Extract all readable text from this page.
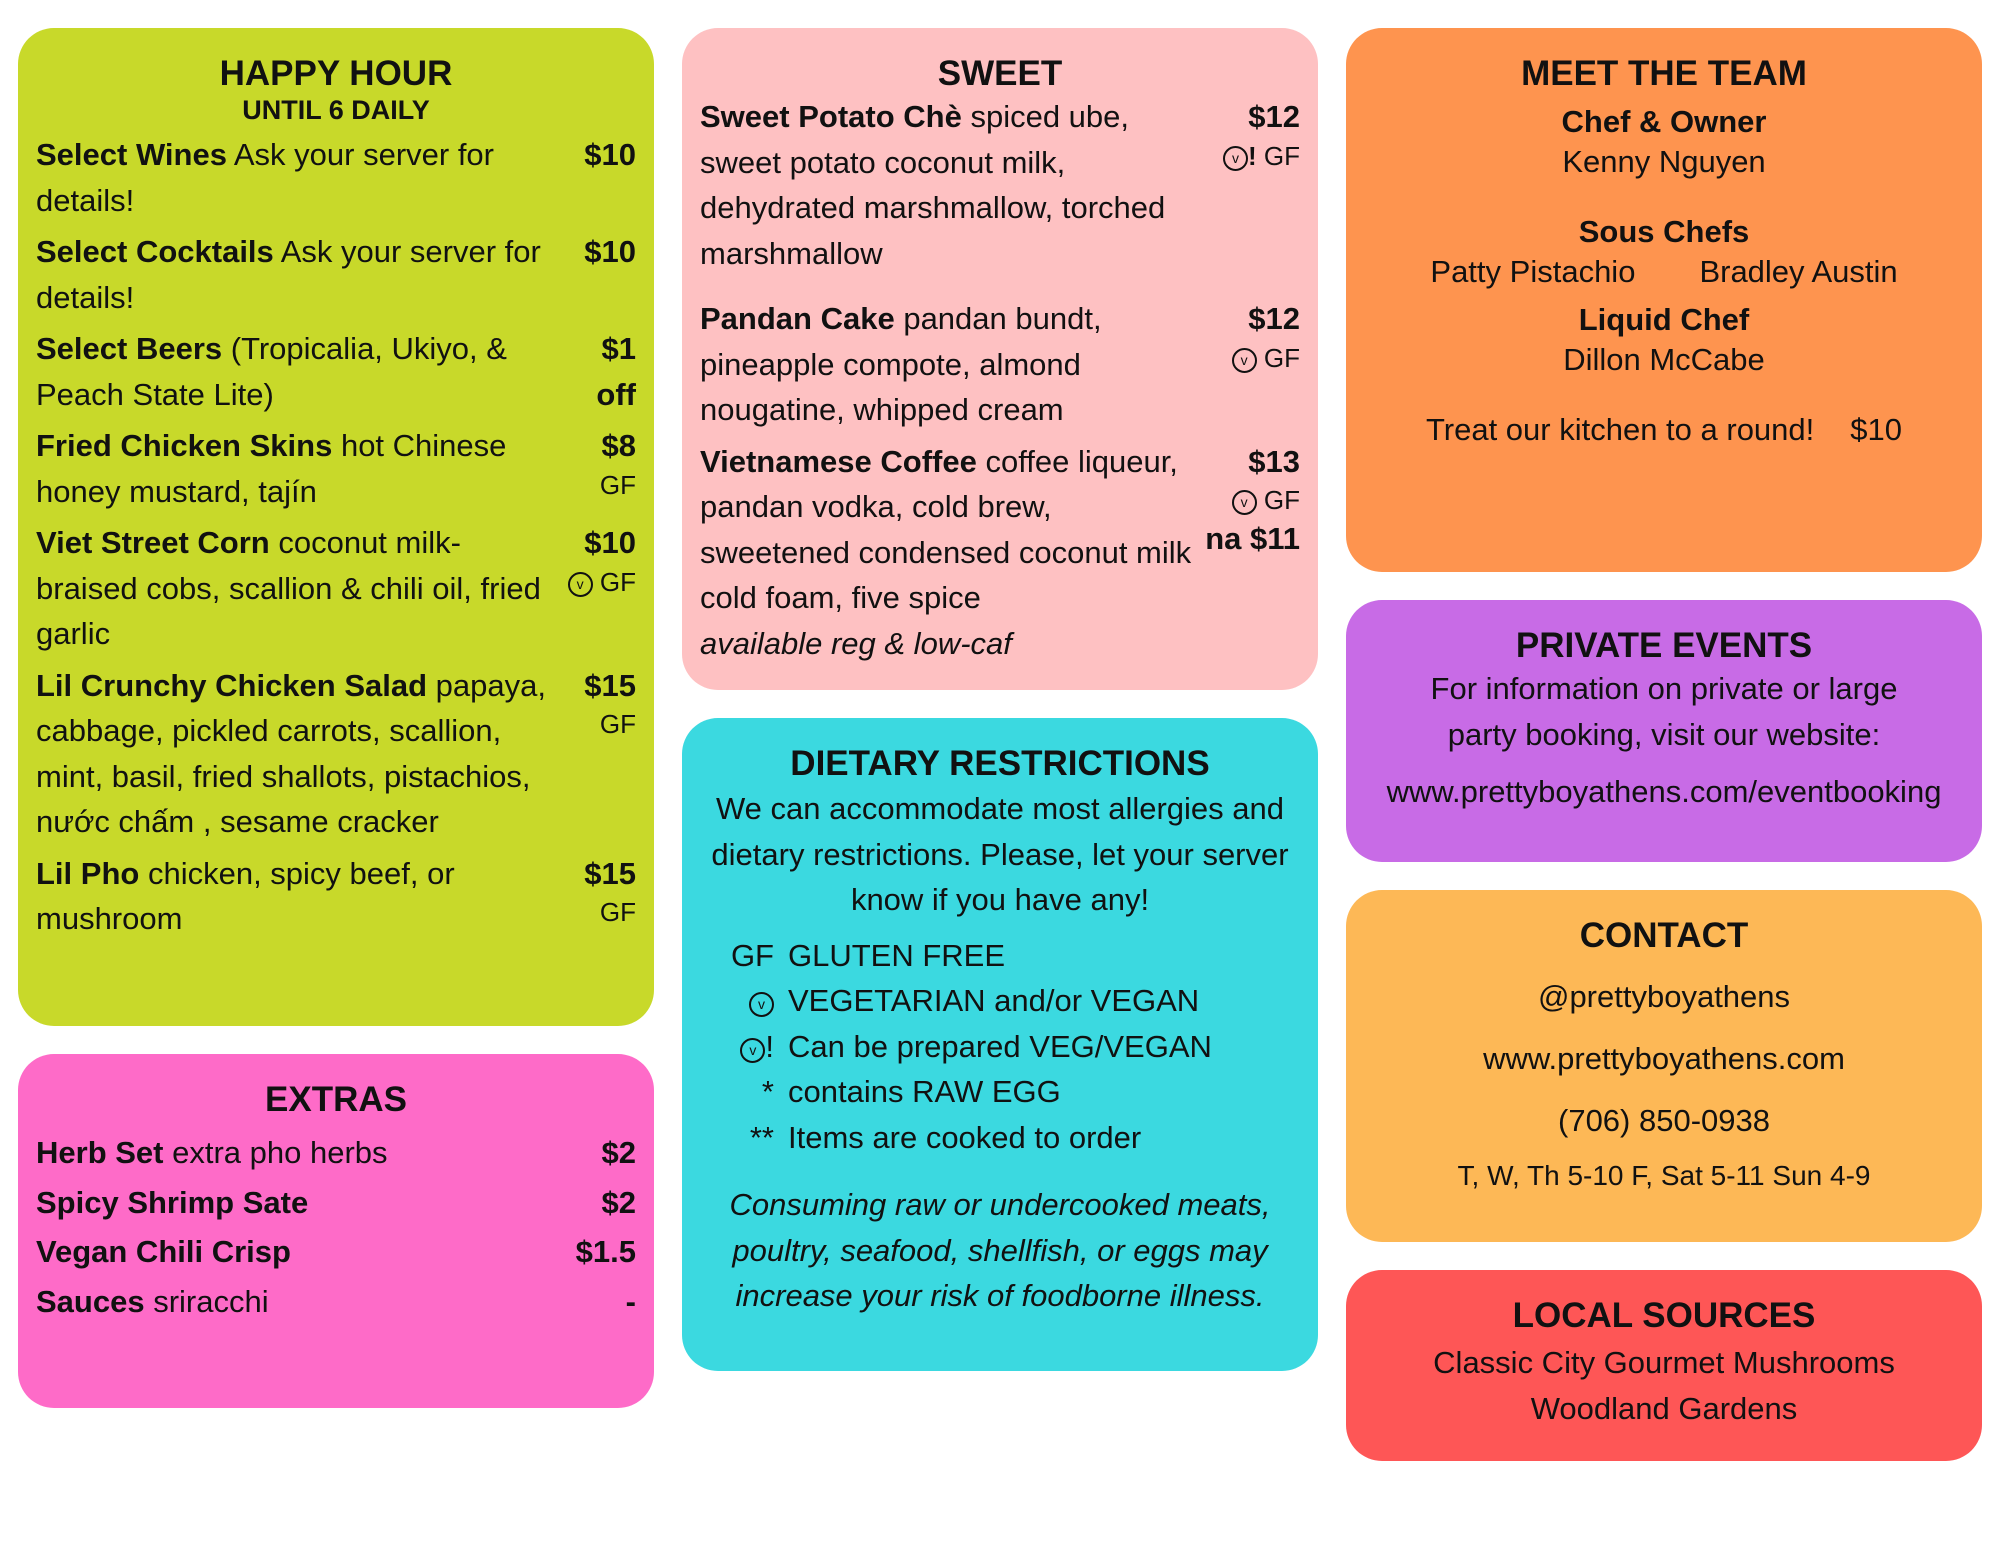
HAPPY HOUR
UNTIL 6 DAILY
Select Wines Ask your server for details!
$10
Select Cocktails Ask your server for details!
$10
Select Beers (Tropicalia, Ukiyo, & Peach State Lite)
$1
off
Fried Chicken Skins hot Chinese honey mustard, tajín
$8
GF
Viet Street Corn coconut milk-braised cobs, scallion & chili oil, fried garlic
$10
v GF
Lil Crunchy Chicken Salad papaya, cabbage, pickled carrots, scallion, mint, basil, fried shallots, pistachios, nước chấm , sesame cracker
$15
GF
Lil Pho chicken, spicy beef, or mushroom
$15
GF
EXTRAS
Herb Set extra pho herbs	$2
Spicy Shrimp Sate	$2
Vegan Chili Crisp	$1.5
Sauces sriracchi	-
SWEET
Sweet Potato Chè spiced ube, sweet potato coconut milk, dehydrated marshmallow, torched marshmallow
$12
v ! GF
Pandan Cake pandan bundt, pineapple compote, almond nougatine, whipped cream
$12
v GF
Vietnamese Coffee coffee liqueur, pandan vodka, cold brew, sweetened condensed coconut milk cold foam, five spice
available reg & low-caf
$13
v GF
na $11
DIETARY RESTRICTIONS

We can accommodate most allergies and dietary restrictions. Please, let your server know if you have any!

GF GLUTEN FREE
v VEGETARIAN and/or VEGAN
v ! Can be prepared VEG/VEGAN
* contains RAW EGG
** Items are cooked to order

Consuming raw or undercooked meats, poultry, seafood, shellfish, or eggs may increase your risk of foodborne illness.

MEET THE TEAM
Chef & Owner
Kenny Nguyen
Sous Chefs
Patty Pistachio Bradley Austin
Liquid Chef
Dillon McCabe
Treat our kitchen to a round! $10
PRIVATE EVENTS

For information on private or large party booking, visit our website:

www.prettyboyathens.com/eventbooking
CONTACT
@prettyboyathens
www.prettyboyathens.com
(706) 850-0938
T, W, Th 5-10 F, Sat 5-11 Sun 4-9
LOCAL SOURCES
Classic City Gourmet Mushrooms
Woodland Gardens
